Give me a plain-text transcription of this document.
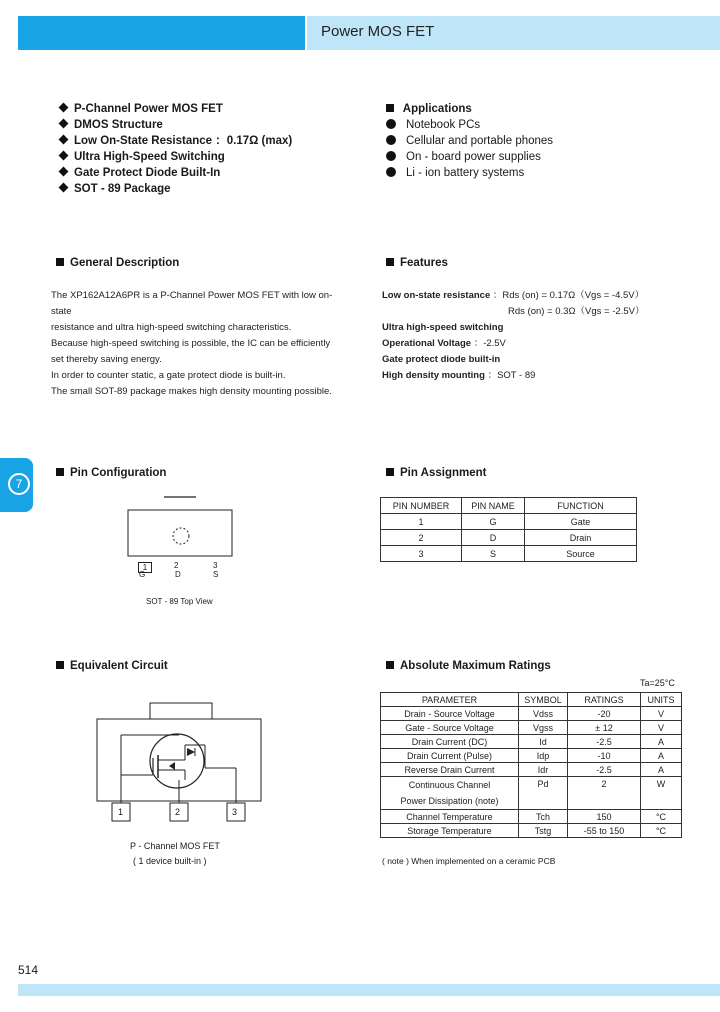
Power MOS FET
P-Channel Power MOS FET
DMOS Structure
Low On-State Resistance ：0.17Ω (max)
Ultra High-Speed Switching
Gate Protect Diode Built-In
SOT - 89 Package
Applications
Notebook PCs
Cellular and portable phones
On - board power supplies
Li - ion battery systems
General Description
The XP162A12A6PR is a P-Channel Power MOS FET with low on-state
resistance and ultra high-speed switching characteristics.
Because high-speed switching is possible, the IC can be efficiently
set thereby saving energy.
In order to counter static, a gate protect diode is built-in.
The small SOT-89 package makes high density mounting possible.
Features
Low on-state resistance ：Rds (on) = 0.17Ω（Vgs = -4.5V）
Rds (on) = 0.3Ω（Vgs = -2.5V）
Ultra high-speed switching
Operational Voltage ：-2.5V
Gate protect diode built-in
High density mounting ：SOT - 89
7
Pin Configuration
1	2	3
G	D	S
SOT - 89 Top View
Pin Assignment
PIN NUMBER	PIN NAME	FUNCTION
1	G	Gate
2	D	Drain
3	S	Source
Equivalent Circuit
1	2	3
P - Channel MOS FET
( 1 device built-in )
Absolute Maximum Ratings
Ta=25°C
PARAMETER	SYMBOL	RATINGS	UNITS
Drain - Source Voltage	Vdss	-20	V
Gate - Source Voltage	Vgss	± 12	V
Drain Current (DC)	Id	-2.5	A
Drain Current (Pulse)	Idp	-10	A
Reverse Drain Current	Idr	-2.5	A

Continuous Channel
Power Dissipation (note)	Pd	2	W
Channel Temperature	Tch	150	°C
Storage Temperature	Tstg	-55 to 150	°C
( note ) When implemented on a ceramic PCB
514
